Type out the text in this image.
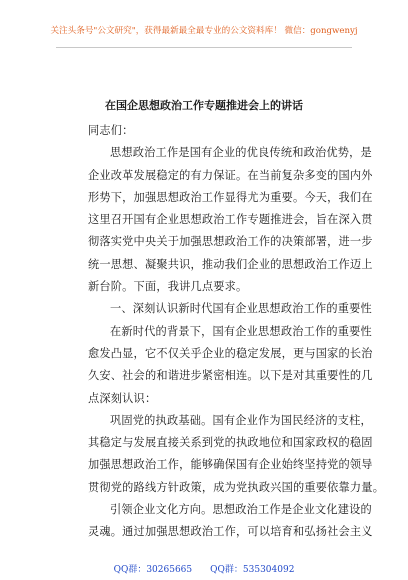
关注头条号"公文研究"，获得最新最全最专业的公文资料库！ 微信：gongwenyj
在国企思想政治工作专题推进会上的讲话
同志们：
思想政治工作是国有企业的优良传统和政治优势，是
企业改革发展稳定的有力保证。在当前复杂多变的国内外
形势下，加强思想政治工作显得尤为重要。今天，我们在
这里召开国有企业思想政治工作专题推进会，旨在深入贯
彻落实党中央关于加强思想政治工作的决策部署，进一步
统一思想、凝聚共识，推动我们企业的思想政治工作迈上
新台阶。下面，我讲几点要求。
一、深刻认识新时代国有企业思想政治工作的重要性
在新时代的背景下，国有企业思想政治工作的重要性
愈发凸显，它不仅关乎企业的稳定发展，更与国家的长治
久安、社会的和谐进步紧密相连。以下是对其重要性的几
点深刻认识：
巩固党的执政基础。国有企业作为国民经济的支柱，
其稳定与发展直接关系到党的执政地位和国家政权的稳固
加强思想政治工作，能够确保国有企业始终坚持党的领导
贯彻党的路线方针政策，成为党执政兴国的重要依靠力量。
引领企业文化方向。思想政治工作是企业文化建设的
灵魂。通过加强思想政治工作，可以培育和弘扬社会主义
QQ群：30265665 QQ群：535304092
